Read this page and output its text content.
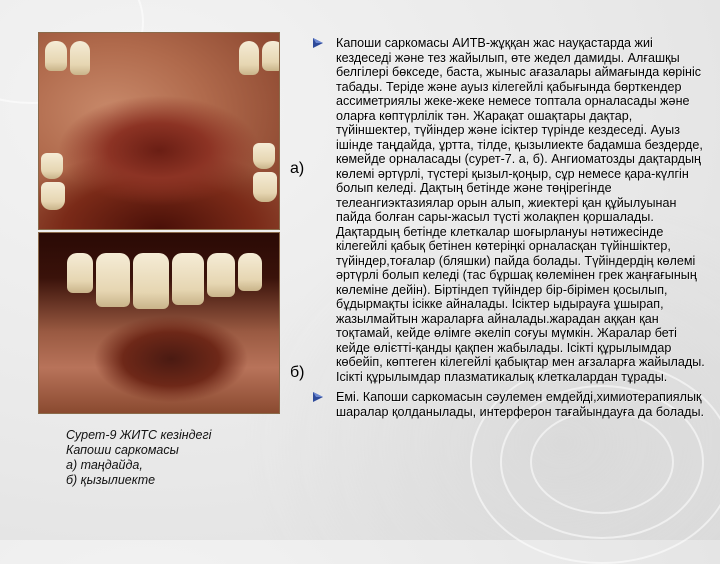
а)
б)
Сурет-9 ЖИТС кезіндегі
Капоши саркомасы
а) таңдайда,
б) қызылиекте
Капоши саркомасы АИТВ-жұққан жас науқастарда жиі кездеседі және тез жайылып, өте жедел дамиды. Алғашқы белгілері бөкседе, баста, жыныс ағазалары аймағында көрініс табады. Теріде және ауыз кілегейлі қабығында бөрткендер ассиметриялы жеке-жеке немесе топтала орналасады және оларға көптүрлілік тән. Жарақат ошақтары дақтар, түйіншектер, түйіндер және ісіктер түрінде кездеседі. Ауыз ішінде таңдайда, ұртта, тілде, қызылиекте бадамша бездерде, көмейде орналасады (сурет-7. а, б). Ангиоматозды дақтардың көлемі әртүрлі, түстері қызыл-қоңыр, сұр немесе қара-күлгін болып келеді. Дақтың бетінде және төңірегінде телеангиэктазиялар орын алып, жиектері қан құйылуынан пайда болған сары-жасыл түсті жолақпен қоршалады. Дақтардың бетінде клеткалар шоғырлануы нәтижесінде кілегейлі қабық бетінен көтеріңкі орналасқан түйіншіктер, түйіндер,тоғалар (бляшки) пайда болады. Түйіндердің көлемі әртүрлі болып келеді (тас бұршақ көлемінен грек жаңғағының көлеміне дейін). Біртіндеп түйіндер бір-бірімен қосылып, бұдырмақты ісікке айналады. Ісіктер ыдырауға ұшырап, жазылмайтын жараларға айналады.жарадан аққан қан тоқтамай, кейде өлімге әкеліп соғуы мүмкін. Жаралар беті кейде өлієтті-қанды қақпен жабылады. Ісікті құрылымдар көбейіп, көптеген кілегейлі қабықтар мен ағзаларға жайылады. Ісікті құрылымдар плазматикалық клеткалардан тұрады.
Емі. Капоши саркомасын сәулемен емдейді,химиотерапиялық шаралар қолданылады, интерферон тағайындауға да болады.
